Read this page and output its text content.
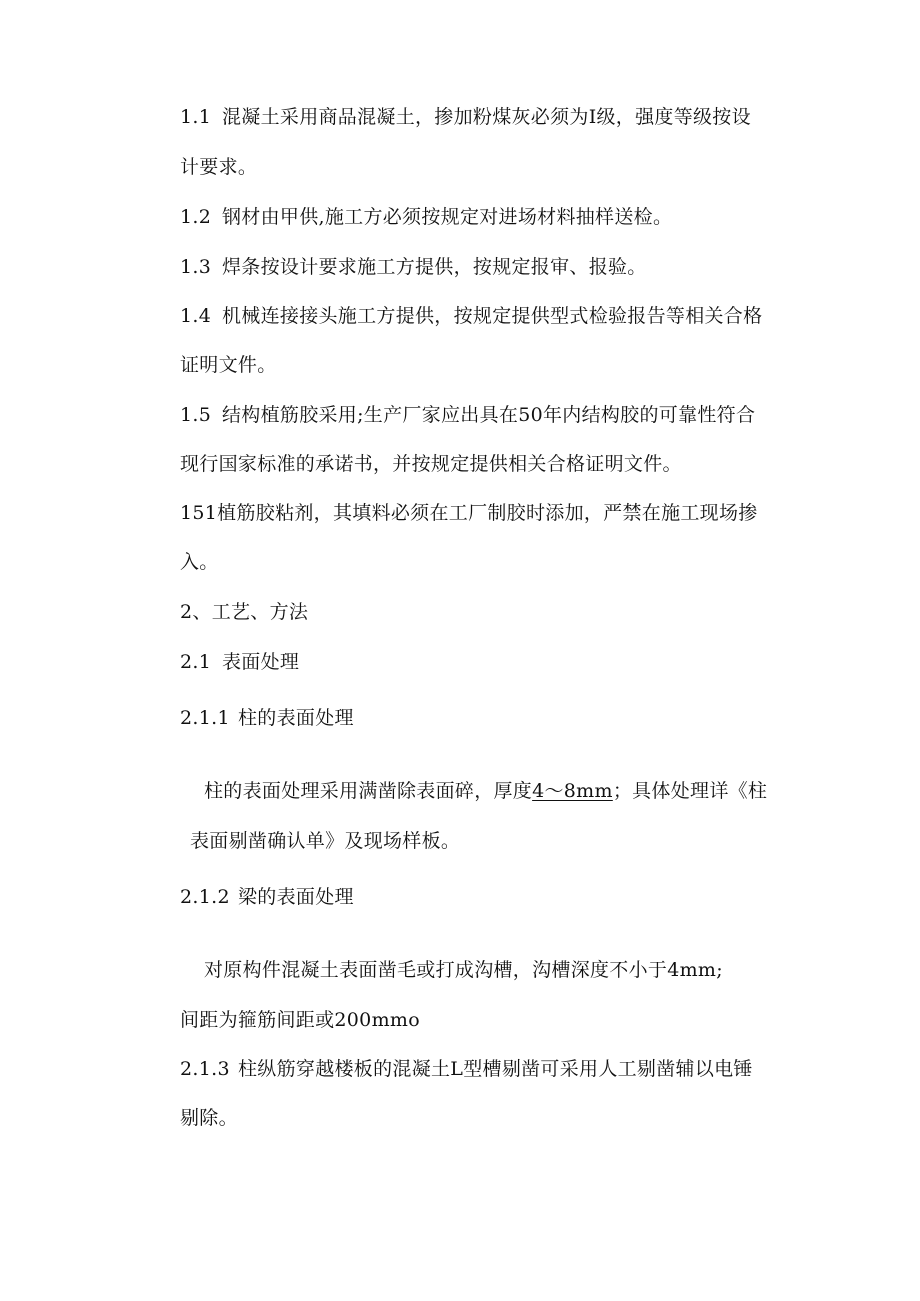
1.1 混凝土采用商品混凝土，掺加粉煤灰必须为I级，强度等级按设
计要求。
1.2 钢材由甲供,施工方必须按规定对进场材料抽样送检。
1.3 焊条按设计要求施工方提供，按规定报审、报验。
1.4 机械连接接头施工方提供，按规定提供型式检验报告等相关合格
证明文件。
1.5 结构植筋胶采用;生产厂家应出具在50年内结构胶的可靠性符合
现行国家标准的承诺书，并按规定提供相关合格证明文件。
151植筋胶粘剂，其填料必须在工厂制胶时添加，严禁在施工现场掺
入。
2、工艺、方法
2.1 表面处理
2.1.1 柱的表面处理
柱的表面处理采用满凿除表面碎，厚度4～8mm；具体处理详《柱
表面剔凿确认单》及现场样板。
2.1.2 梁的表面处理
对原构件混凝土表面凿毛或打成沟槽，沟槽深度不小于4mm;
间距为箍筋间距或200mmo
2.1.3 柱纵筋穿越楼板的混凝土L型槽剔凿可采用人工剔凿辅以电锤
剔除。
